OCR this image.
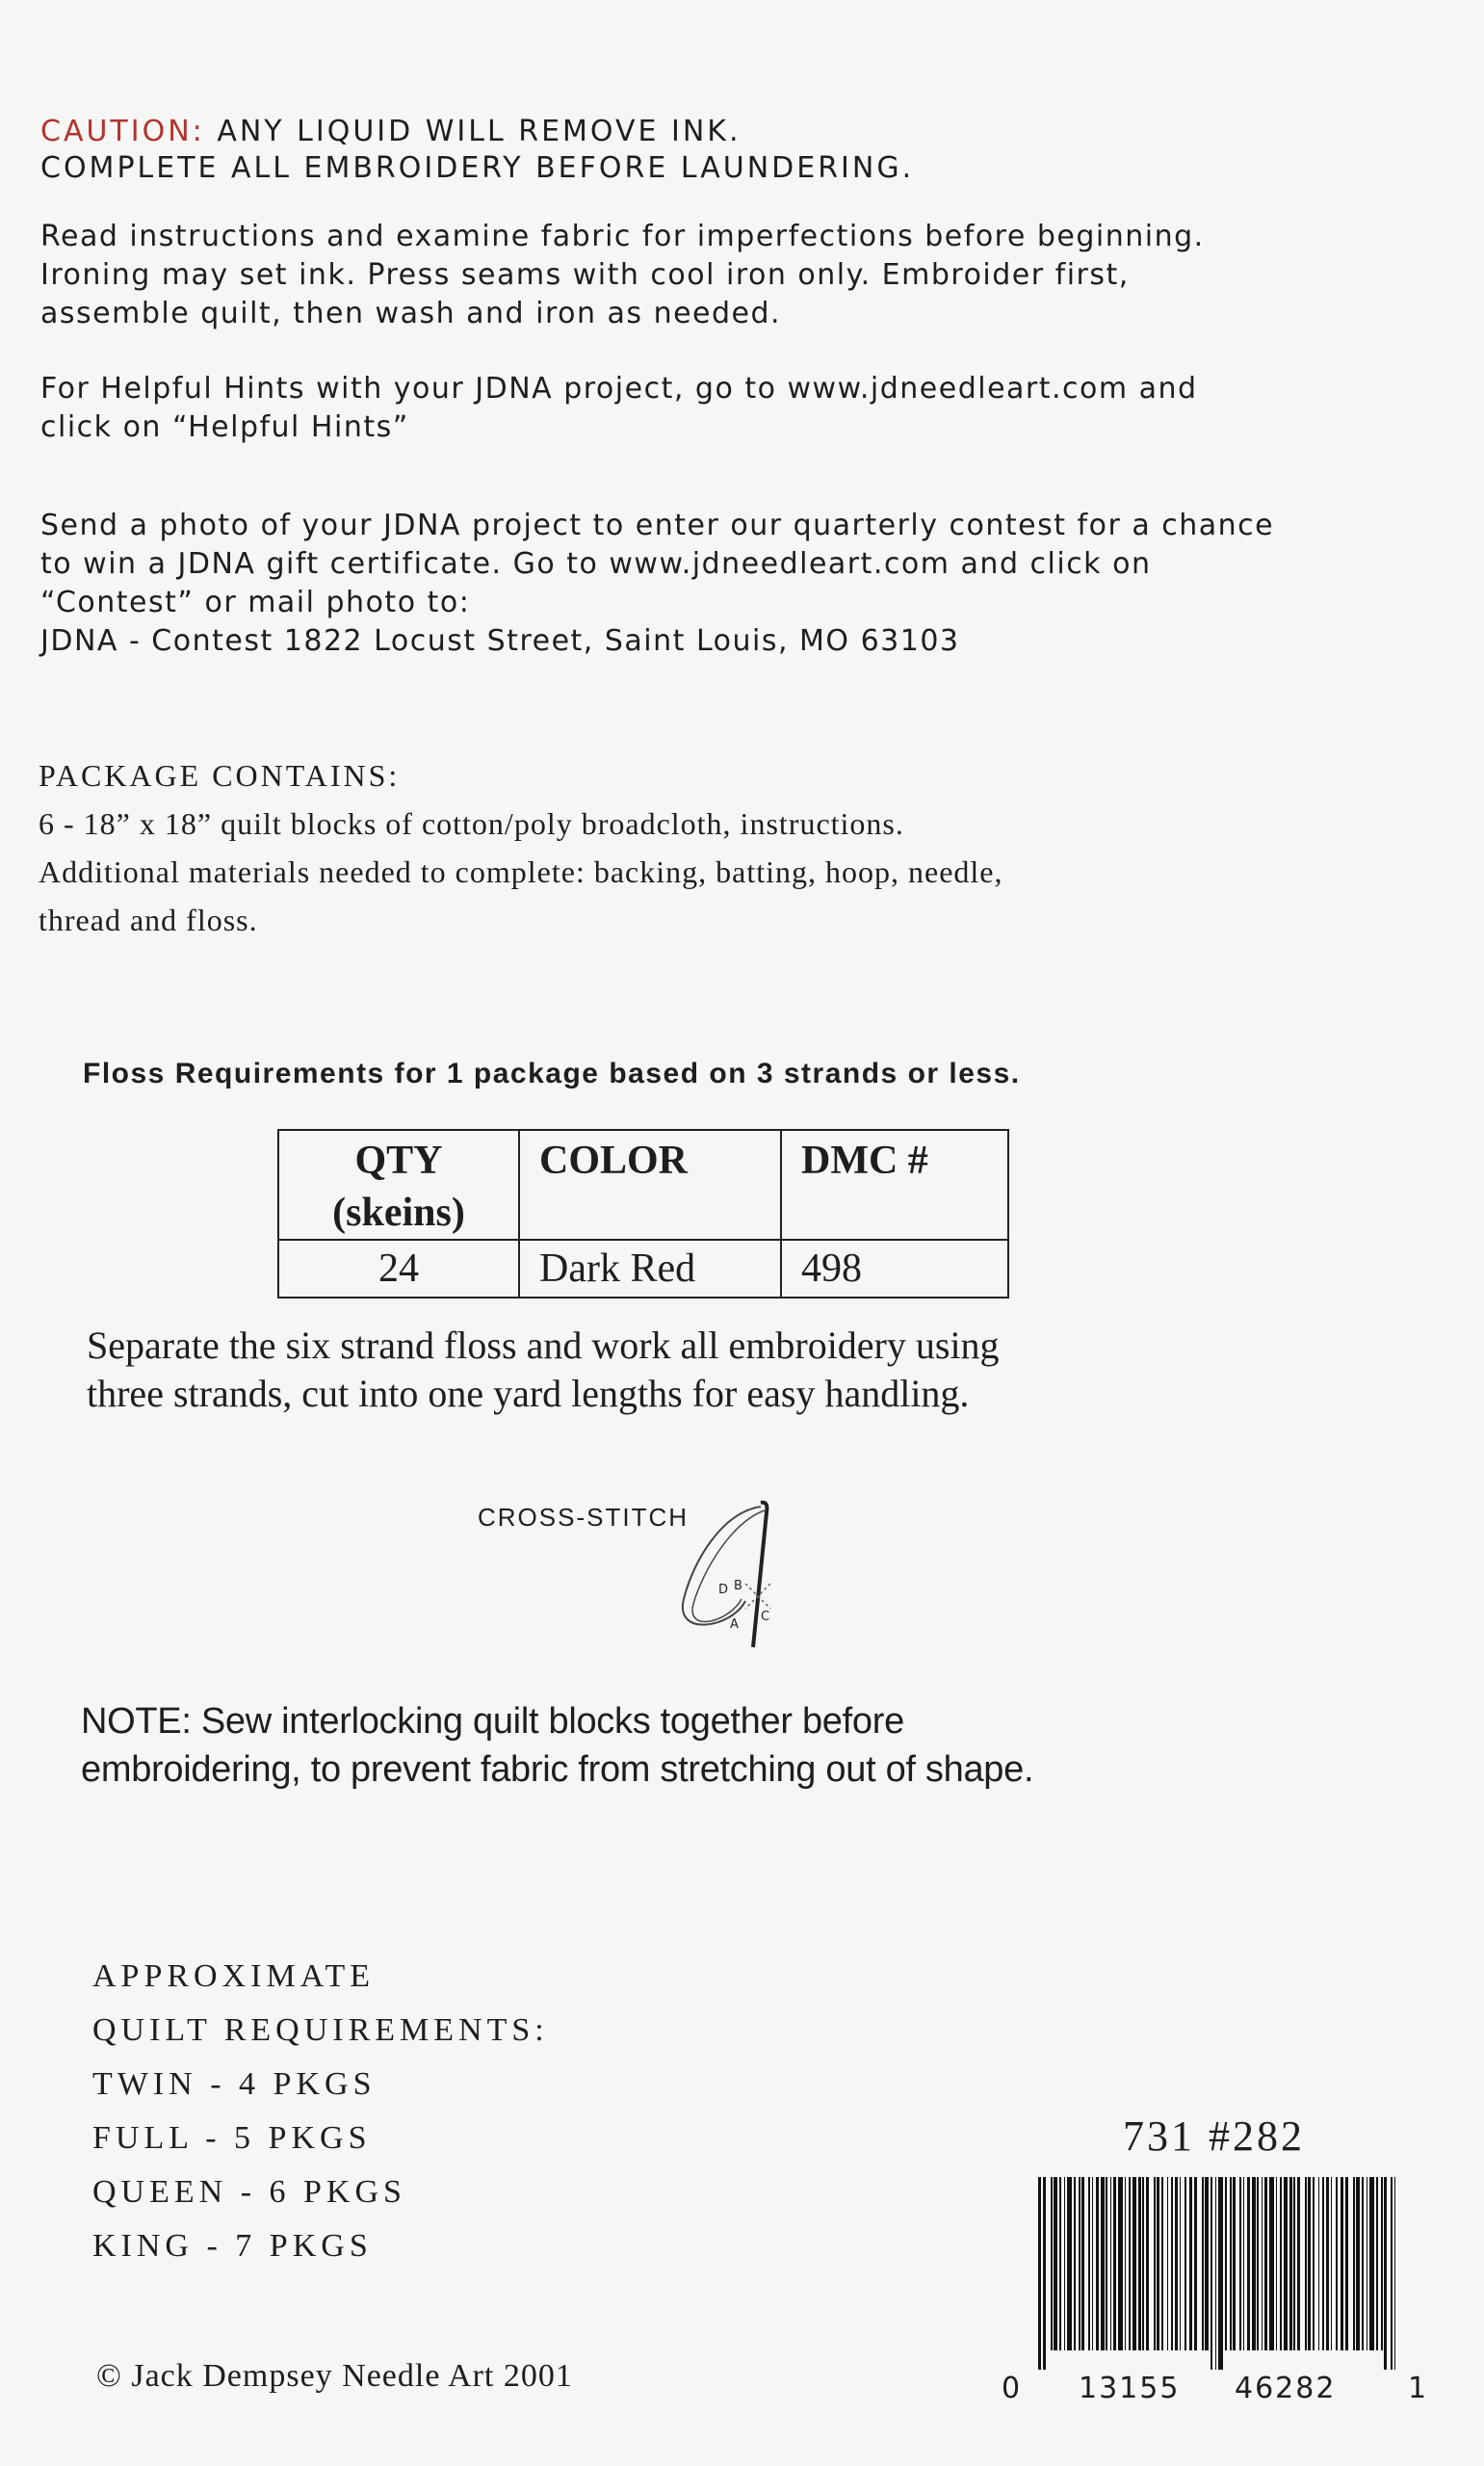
CAUTION: ANY LIQUID WILL REMOVE INK.
COMPLETE ALL EMBROIDERY BEFORE LAUNDERING.
Read instructions and examine fabric for imperfections before beginning.
Ironing may set ink. Press seams with cool iron only. Embroider first,
assemble quilt, then wash and iron as needed.
For Helpful Hints with your JDNA project, go to www.jdneedleart.com and
click on “Helpful Hints”
Send a photo of your JDNA project to enter our quarterly contest for a chance
to win a JDNA gift certificate. Go to www.jdneedleart.com and click on
“Contest” or mail photo to:
JDNA - Contest 1822 Locust Street, Saint Louis, MO 63103
PACKAGE CONTAINS:
6 - 18” x 18” quilt blocks of cotton/poly broadcloth, instructions.
Additional materials needed to complete: backing, batting, hoop, needle,
thread and floss.
Floss Requirements for 1 package based on 3 strands or less.
QTY
(skeins)	COLOR	DMC #
24	Dark Red	498
Separate the six strand floss and work all embroidery using
three strands, cut into one yard lengths for easy handling.
CROSS-STITCH
D B
A
C
NOTE: Sew interlocking quilt blocks together before
embroidering, to prevent fabric from stretching out of shape.
APPROXIMATE
QUILT REQUIREMENTS:
TWIN - 4 PKGS
FULL - 5 PKGS
QUEEN - 6 PKGS
KING - 7 PKGS
© Jack Dempsey Needle Art 2001
731 #282
0 13155 46282 1
